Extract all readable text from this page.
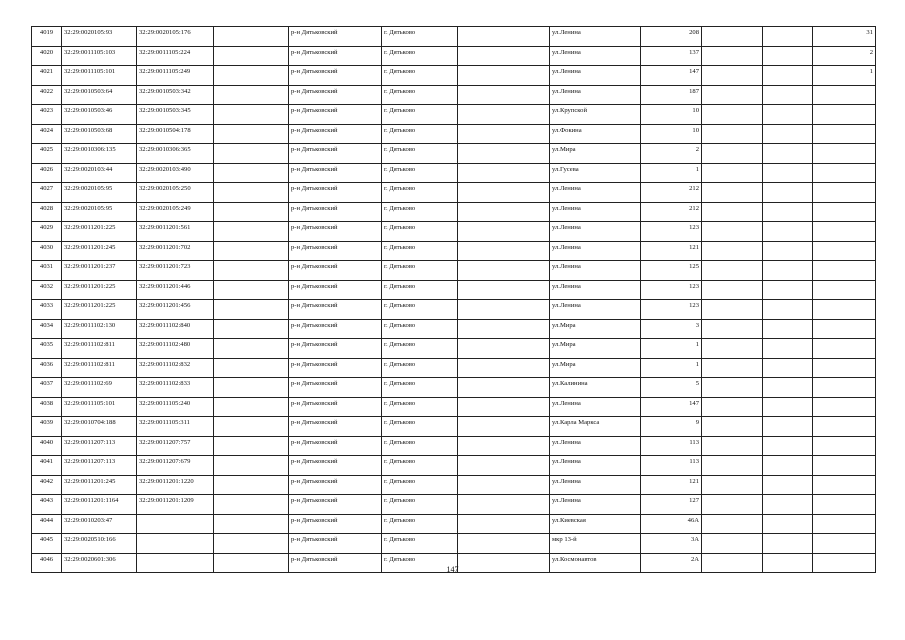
4019	32:29:0020105:93	32:29:0020105:176		р-н Дятьковский	г. Дятьково		ул.Ленина	208			31
4020	32:29:0011105:103	32:29:0011105:224		р-н Дятьковский	г. Дятьково		ул.Ленина	137			2
4021	32:29:0011105:101	32:29:0011105:249		р-н Дятьковский	г. Дятьково		ул.Ленина	147			1
4022	32:29:0010503:64	32:29:0010503:342		р-н Дятьковский	г. Дятьково		ул.Ленина	187			
4023	32:29:0010503:46	32:29:0010503:345		р-н Дятьковский	г. Дятьково		ул.Крупской	10			
4024	32:29:0010503:68	32:29:0010504:178		р-н Дятьковский	г. Дятьково		ул.Фокина	10			
4025	32:29:0010306:135	32:29:0010306:365		р-н Дятьковский	г. Дятьково		ул.Мира	2			
4026	32:29:0020103:44	32:29:0020103:490		р-н Дятьковский	г. Дятьково		ул.Гусева	1			
4027	32:29:0020105:95	32:29:0020105:250		р-н Дятьковский	г. Дятьково		ул.Ленина	212			
4028	32:29:0020105:95	32:29:0020105:249		р-н Дятьковский	г. Дятьково		ул.Ленина	212			
4029	32:29:0011201:225	32:29:0011201:561		р-н Дятьковский	г. Дятьково		ул.Ленина	123			
4030	32:29:0011201:245	32:29:0011201:702		р-н Дятьковский	г. Дятьково		ул.Ленина	121			
4031	32:29:0011201:237	32:29:0011201:723		р-н Дятьковский	г. Дятьково		ул.Ленина	125			
4032	32:29:0011201:225	32:29:0011201:446		р-н Дятьковский	г. Дятьково		ул.Ленина	123			
4033	32:29:0011201:225	32:29:0011201:456		р-н Дятьковский	г. Дятьково		ул.Ленина	123			
4034	32:29:0011102:130	32:29:0011102:840		р-н Дятьковский	г. Дятьково		ул.Мира	3			
4035	32:29:0011102:811	32:29:0011102:480		р-н Дятьковский	г. Дятьково		ул.Мира	1			
4036	32:29:0011102:811	32:29:0011102:832		р-н Дятьковский	г. Дятьково		ул.Мира	1			
4037	32:29:0011102:69	32:29:0011102:833		р-н Дятьковский	г. Дятьково		ул.Калинина	5			
4038	32:29:0011105:101	32:29:0011105:240		р-н Дятьковский	г. Дятьково		ул.Ленина	147			
4039	32:29:0010704:188	32:29:0011105:311		р-н Дятьковский	г. Дятьково		ул.Карла Маркса	9			
4040	32:29:0011207:113	32:29:0011207:757		р-н Дятьковский	г. Дятьково		ул.Ленина	113			
4041	32:29:0011207:113	32:29:0011207:679		р-н Дятьковский	г. Дятьково		ул.Ленина	113			
4042	32:29:0011201:245	32:29:0011201:1220		р-н Дятьковский	г. Дятьково		ул.Ленина	121			
4043	32:29:0011201:1164	32:29:0011201:1209		р-н Дятьковский	г. Дятьково		ул.Ленина	127			
4044	32:29:0010203:47			р-н Дятьковский	г. Дятьково		ул.Киевская	46А			
4045	32:29:0020510:166			р-н Дятьковский	г. Дятьково		мкр 13-й	3А			
4046	32:29:0020601:306			р-н Дятьковский	г. Дятьково		ул.Космонавтов	2А			
147
